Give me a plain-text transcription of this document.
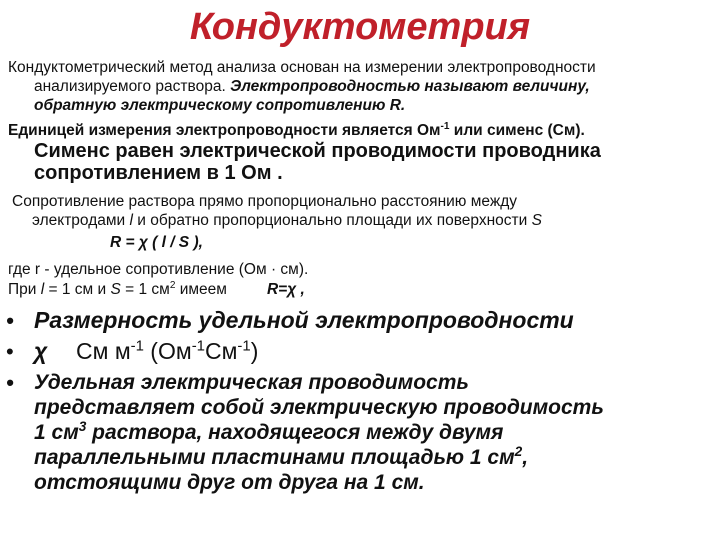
Кондуктометрия
Кондуктометрический метод анализа основан на измерении электропроводности
анализируемого раствора. Электропроводностью называют величину,
обратную электрическому сопротивлению R.
Единицей измерения электропроводности является $Ом^{-1}$ или сименс (См).
Сименс равен электрической проводимости проводника
сопротивлением в 1 Ом .
Сопротивление раствора прямо пропорционально расстоянию между
электродами l и обратно пропорционально площади их поверхности S
R = χ ( l / S ),
где r - удельное сопротивление (Ом · см).
При l = 1 см и S = 1 $см^2$ имеем	R=χ ,
• Размерность удельной электропроводности
• χ См $м^{-1}$ $(Ом^{-1}См^{-1})$
• Удельная электрическая проводимость
представляет собой электрическую проводимость
1 $см^3$ раствора, находящегося между двумя
параллельными пластинами площадью 1 $см^2$,
отстоящими друг от друга на 1 см.
